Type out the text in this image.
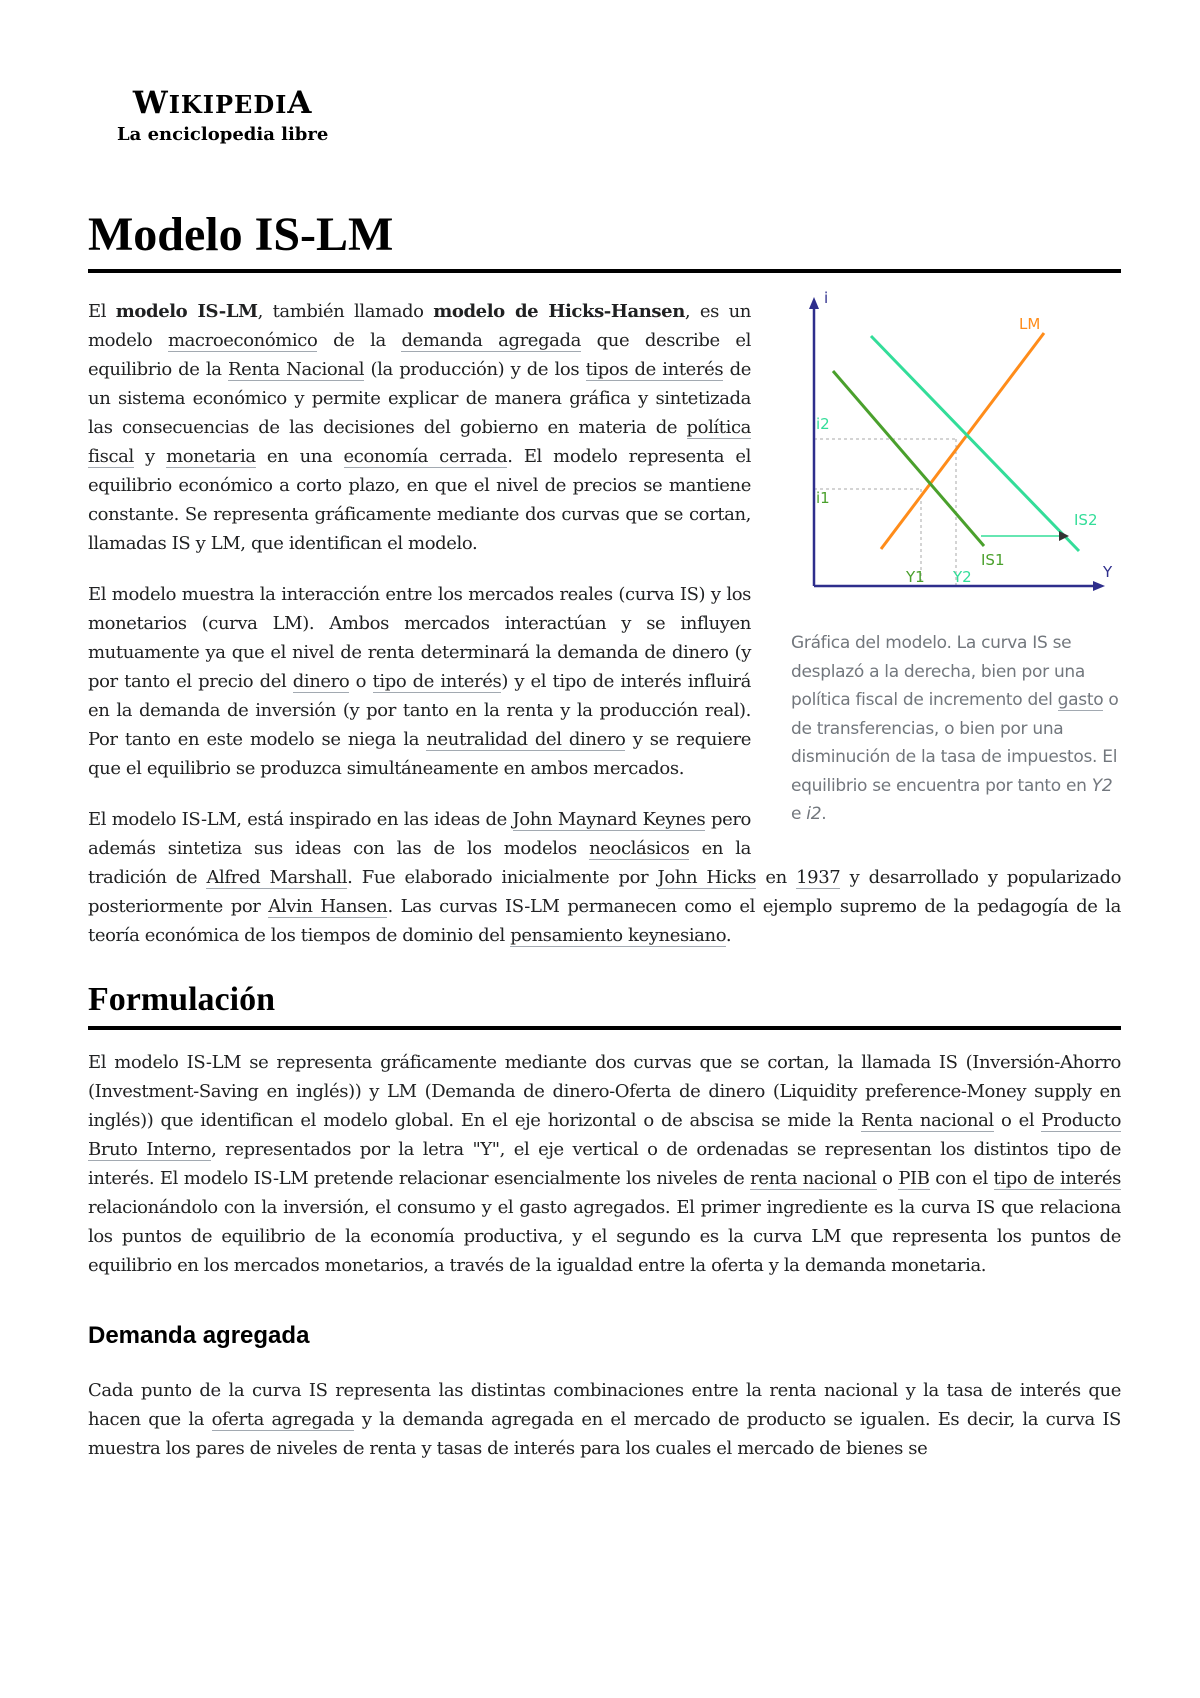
WIKIPEDIA
La enciclopedia libre
Modelo IS-LM
i
Y
LM
IS1
IS2
i2
i1
Y1 Y2
Gráfica del modelo. La curva IS se desplazó a la derecha, bien por una política fiscal de incremento del gasto o de transferencias, o bien por una disminución de la tasa de impuestos. El equilibrio se encuentra por tanto en Y2 e i2.

El modelo IS-LM, también llamado modelo de Hicks-Hansen, es un modelo macroeconómico de la demanda agregada que describe el equilibrio de la Renta Nacional (la producción) y de los tipos de interés de un sistema económico y permite explicar de manera gráfica y sintetizada las consecuencias de las decisiones del gobierno en materia de política fiscal y monetaria en una economía cerrada. El modelo representa el equilibrio económico a corto plazo, en que el nivel de precios se mantiene constante. Se representa gráficamente mediante dos curvas que se cortan, llamadas IS y LM, que identifican el modelo.

El modelo muestra la interacción entre los mercados reales (curva IS) y los monetarios (curva LM). Ambos mercados interactúan y se influyen mutuamente ya que el nivel de renta determinará la demanda de dinero (y por tanto el precio del dinero o tipo de interés) y el tipo de interés influirá en la demanda de inversión (y por tanto en la renta y la producción real). Por tanto en este modelo se niega la neutralidad del dinero y se requiere que el equilibrio se produzca simultáneamente en ambos mercados.

El modelo IS-LM, está inspirado en las ideas de John Maynard Keynes pero además sintetiza sus ideas con las de los modelos neoclásicos en la tradición de Alfred Marshall. Fue elaborado inicialmente por John Hicks en 1937 y desarrollado y popularizado posteriormente por Alvin Hansen. Las curvas IS-LM permanecen como el ejemplo supremo de la pedagogía de la teoría económica de los tiempos de dominio del pensamiento keynesiano.

Formulación

El modelo IS-LM se representa gráficamente mediante dos curvas que se cortan, la llamada IS (Inversión-Ahorro (Investment-Saving en inglés)) y LM (Demanda de dinero-Oferta de dinero (Liquidity preference-Money supply en inglés)) que identifican el modelo global. En el eje horizontal o de abscisa se mide la Renta nacional o el Producto Bruto Interno, representados por la letra "Y", el eje vertical o de ordenadas se representan los distintos tipo de interés. El modelo IS-LM pretende relacionar esencialmente los niveles de renta nacional o PIB con el tipo de interés relacionándolo con la inversión, el consumo y el gasto agregados. El primer ingrediente es la curva IS que relaciona los puntos de equilibrio de la economía productiva, y el segundo es la curva LM que representa los puntos de equilibrio en los mercados monetarios, a través de la igualdad entre la oferta y la demanda monetaria.

Demanda agregada

Cada punto de la curva IS representa las distintas combinaciones entre la renta nacional y la tasa de interés que hacen que la oferta agregada y la demanda agregada en el mercado de producto se igualen. Es decir, la curva IS muestra los pares de niveles de renta y tasas de interés para los cuales el mercado de bienes se
